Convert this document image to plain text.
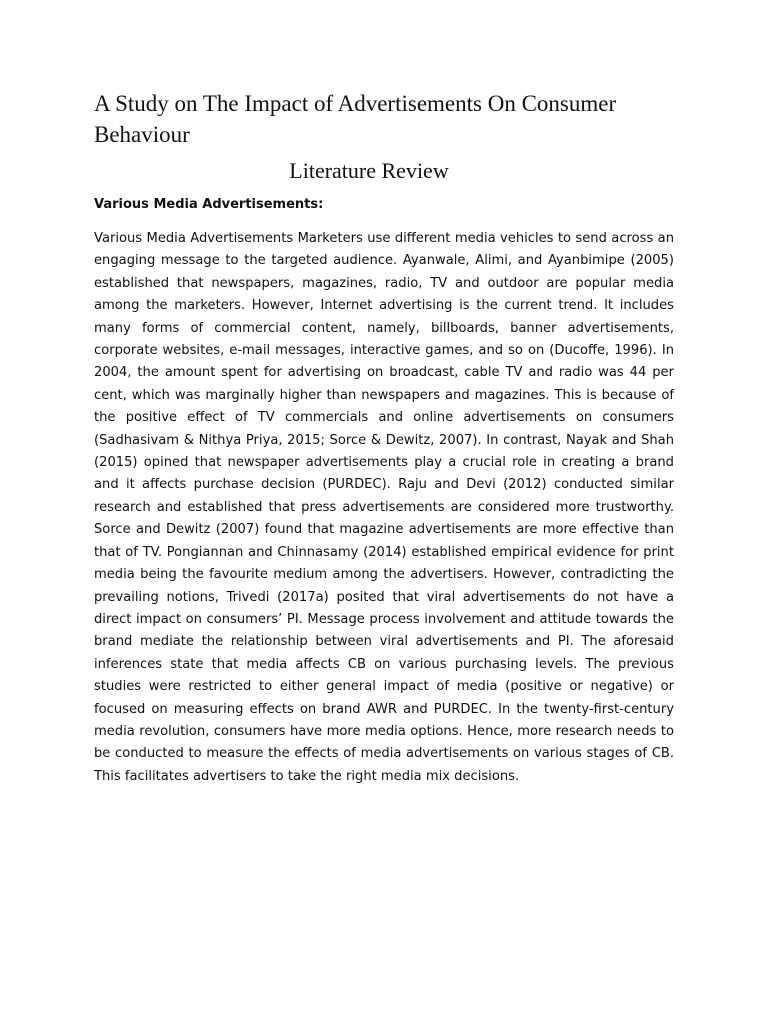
A Study on The Impact of Advertisements On Consumer Behaviour
Literature Review
Various Media Advertisements:

Various Media Advertisements Marketers use different media vehicles to send across an engaging message to the targeted audience. Ayanwale, Alimi, and Ayanbimipe (2005) established that newspapers, magazines, radio, TV and outdoor are popular media among the marketers. However, Internet advertising is the current trend. It includes many forms of commercial content, namely, billboards, banner advertisements, corporate websites, e-mail messages, interactive games, and so on (Ducoffe, 1996). In 2004, the amount spent for advertising on broadcast, cable TV and radio was 44 per cent, which was marginally higher than newspapers and magazines. This is because of the positive effect of TV commercials and online advertisements on consumers (Sadhasivam & Nithya Priya, 2015; Sorce & Dewitz, 2007). In contrast, Nayak and Shah (2015) opined that newspaper advertisements play a crucial role in creating a brand and it affects purchase decision (PURDEC). Raju and Devi (2012) conducted similar research and established that press advertisements are considered more trustworthy. Sorce and Dewitz (2007) found that magazine advertisements are more effective than that of TV. Pongiannan and Chinnasamy (2014) established empirical evidence for print media being the favourite medium among the advertisers. However, contradicting the prevailing notions, Trivedi (2017a) posited that viral advertisements do not have a direct impact on consumers’ PI. Message process involvement and attitude towards the brand mediate the relationship between viral advertisements and PI. The aforesaid inferences state that media affects CB on various purchasing levels. The previous studies were restricted to either general impact of media (positive or negative) or focused on measuring effects on brand AWR and PURDEC. In the twenty-first-century media revolution, consumers have more media options. Hence, more research needs to be conducted to measure the effects of media advertisements on various stages of CB. This facilitates advertisers to take the right media mix decisions.
